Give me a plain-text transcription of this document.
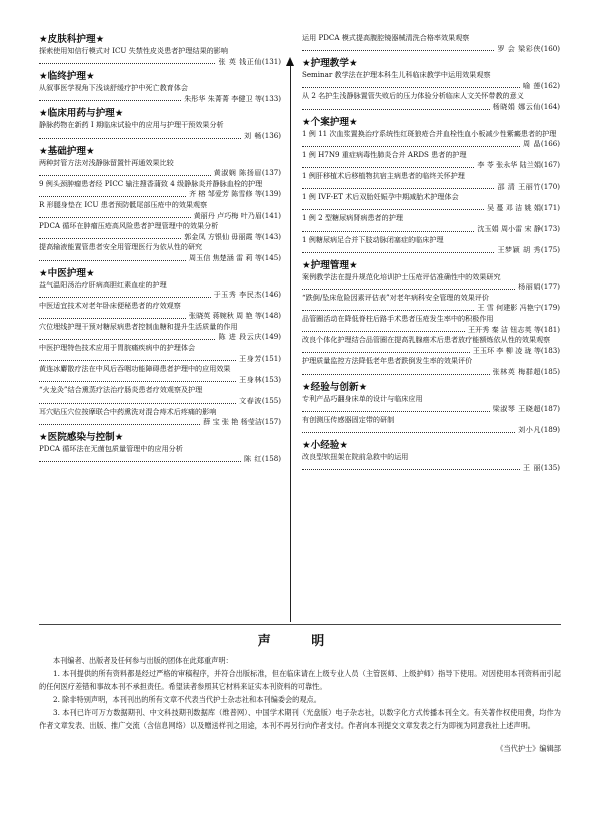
★皮肤科护理★
探索使用知信行模式对 ICU 失禁性皮炎患者护理结果的影响
张 英 钱正仙 (131)
★临终护理★
从叙事医学视角下浅谈舒缓疗护中死亡教育体会
朱彤华 朱菁菁 李健卫 等 (133)
★临床用药与护理★
静脉药物在新药 I 期临床试验中的应用与护理干预效果分析
刘 畅 (136)
★基础护理★
两种封管方法对浅静脉留置针再通效果比较
黄淑娴 陈扬眉 (137)
9 例头颈肿瘤患者经 PICC 输注搜香蒲致 4 级静脉炎并静脉血栓的护理
齐 榕 邹爱芳 陈雪修 等 (139)
R 形腿身垫在 ICU 患者预防骶尾部压疮中的效果观察
黄丽丹 卢巧梅 叶乃眉 (141)
PDCA 循环在肿瘤压疮高风险患者护理管理中的效果分析
郭金凤 方银仙 毋丽霞 等 (143)
提高输液能置管患者安全用管理医行为依从性的研究
周玉信 焦楚涵 雷 莉 等 (145)
★中医护理★
益气温阳汤治疗肝病高胆红素血症的护理
于玉秀 李民杰 (146)
中医适宜技术对老年卧床便秘患者的疗效观察
张晓英 蒋婉秋 周 艳 等 (148)
穴位埋线护理干预对糖尿病患者控制血糖和提升生活质量的作用
陈 进 段云庆 (149)
中医护理特色技术应用于胃脘痛疾病中的护理体会
王身芳 (151)
黄连冰麝散疗法在中风后吞咽功能障碍患者护理中的应用效果
王身林 (153)
“火龙灸”结合熏蒸疗法治疗肠炎患者疗效观察及护理
文春波 (155)
耳穴贴压穴位按摩联合中药熏洗对混合痔术后疼痛的影响
薛 宝 张 艳 杨莹洁 (157)
★医院感染与控制★
PDCA 循环法在无菌包质量管理中的应用分析
陈 红 (158)
运用 PDCA 模式提高腹腔镜器械清洗合格率效果观察
罗 会 梁彩侠 (160)
★护理教学★
Seminar 教学法在护理本科生儿科临床教学中运用效果观察
喻 莲 (162)
从 2 名护生浅静脉置管失败后的压力体验分析临床人文关怀带教的意义
杨晓娟 娜云仙 (164)
★个案护理★
1 例 11 次血浆置换治疗系统性红斑狼疮合并血栓性血小板减少性紫癜患者的护理
周 晶 (166)
1 例 H7N9 重症病毒性肺炎合并 ARDS 患者的护理
李 苓 张永华 陆兰娟 (167)
1 例肝移植术后移植物抗宿主病患者的临终关怀护理
邵 清 王丽竹 (170)
1 例 IVF-ET 术后双胎妊娠孕中期减胎术护理体会
吴 蔓 邓 洁 姚 娟 (171)
1 例 2 型糖尿病肾病患者的护理
沈玉娟 周小雷 宋 静 (173)
1 例糖尿病足合并下肢动脉闭塞症的临床护理
王梦颖 胡 秀 (175)
★护理管理★
案例教学法在提升规范化培训护士压疮评估准确性中的效果研究
杨丽娟 (177)
“跌倒/坠床危险因素评估表”对老年病科安全管理的效果评价
王 雪 何建影 冯艳宁 (179)
品管圈活动在降低脊柱后路手术患者压疮发生率中的积极作用
王开秀 秦 洁 钮志英 等 (181)
改良个体化护理结合品管圈在提高乳腺癌术后患者放疗能额炼依从性的效果观察
王玉环 李 柳 凌 珑 等 (183)
护理质量监控方法降低老年患者跌倒发生率的效果评价
张林英 梅群超 (185)
★经验与创新★
专利产品巧翻身床单的设计与临床应用
梁淑琴 王晓超 (187)
有创测压传感器固定带的研制
刘小凡 (189)
★小经验★
改良型软扭架在院前急救中的运用
王 丽 (135)
声 明

本刊编者、出版者及任何参与出版的团体在此郑重声明：

1. 本刊提供的所有资料都是经过严格的审稿程序，并符合出版标准，但在临床请在上级专业人员（主管医师、上级护师）指导下使用。对因使用本刊资料而引起的任何医疗差错和事故本刊不承担责任。希望读者参照其它材料来证实本刊资料的可靠性。

2. 除非特别声明，本刊刊出的所有文章不代表当代护士杂志社和本刊编委会的观点。

3. 本刊已许可万方数据期刊、中文科技期刊数据库（维普网）、中国学术期刊（光盘版）电子杂志社，以数字化方式传播本刊全文。有关著作权使用费，均作为作者文章发表、出版、推广交流（含信息网络）以及赠送样刊之用途，本刊不再另行向作者支付。作者向本刊提交文章发表之行为即视为同意我社上述声明。

《当代护士》编辑部
